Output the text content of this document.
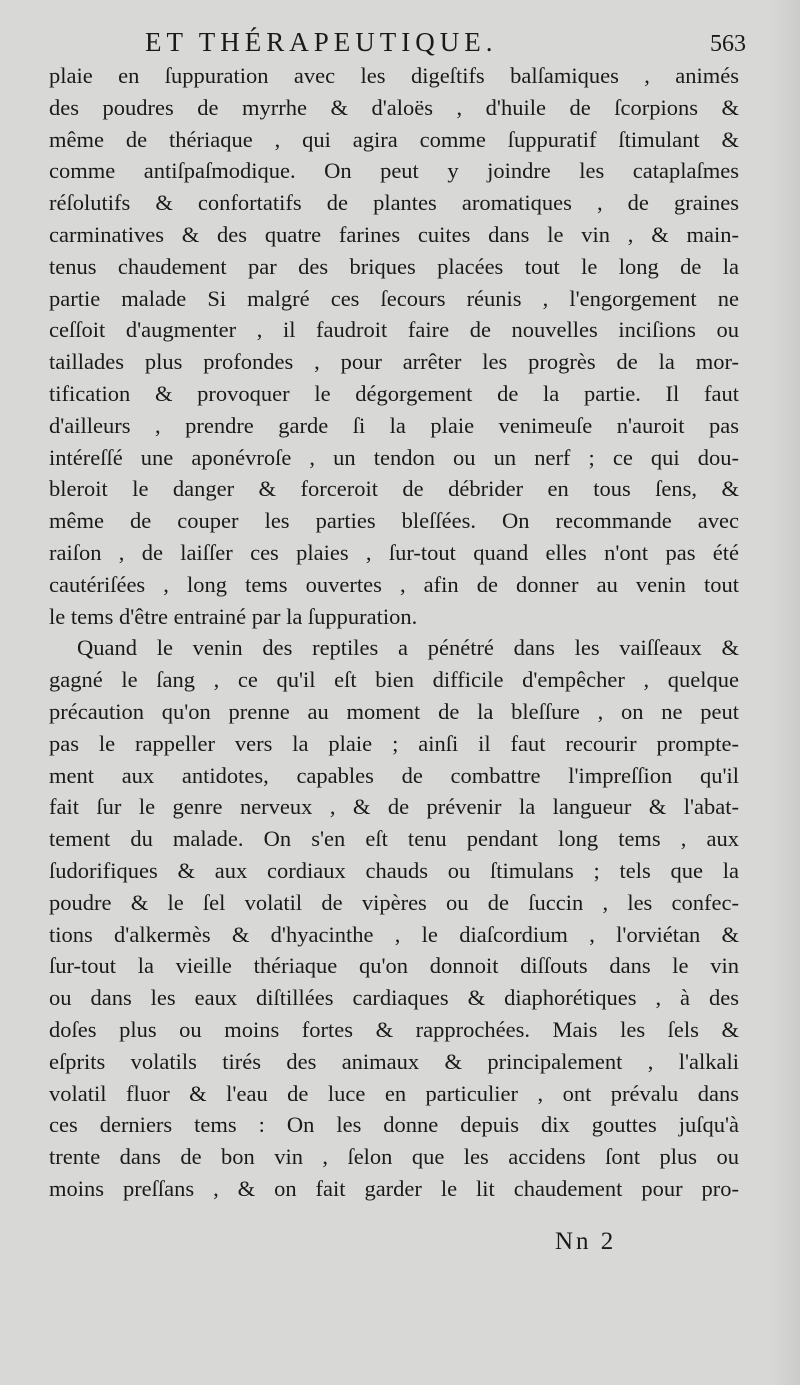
ET THÉRAPEUTIQUE.	563
plaie en ſuppuration avec les digeſtifs balſamiques , animés
des poudres de myrrhe & d'aloës , d'huile de ſcorpions &
même de thériaque , qui agira comme ſuppuratif ſtimulant &
comme antiſpaſmodique. On peut y joindre les cataplaſmes
réſolutifs & confortatifs de plantes aromatiques , de graines
carminatives & des quatre farines cuites dans le vin , & main-
tenus chaudement par des briques placées tout le long de la
partie malade Si malgré ces ſecours réunis , l'engorgement ne
ceſſoit d'augmenter , il faudroit faire de nouvelles inciſions ou
taillades plus profondes , pour arrêter les progrès de la mor-
tification & provoquer le dégorgement de la partie. Il faut
d'ailleurs , prendre garde ſi la plaie venimeuſe n'auroit pas
intéreſſé une aponévroſe , un tendon ou un nerf ; ce qui dou-
bleroit le danger & forceroit de débrider en tous ſens, &
même de couper les parties bleſſées. On recommande avec
raiſon , de laiſſer ces plaies , ſur-tout quand elles n'ont pas été
cautériſées , long tems ouvertes , afin de donner au venin tout
le tems d'être entrainé par la ſuppuration.
Quand le venin des reptiles a pénétré dans les vaiſſeaux &
gagné le ſang , ce qu'il eſt bien difficile d'empêcher , quelque
précaution qu'on prenne au moment de la bleſſure , on ne peut
pas le rappeller vers la plaie ; ainſi il faut recourir prompte-
ment aux antidotes, capables de combattre l'impreſſion qu'il
fait ſur le genre nerveux , & de prévenir la langueur & l'abat-
tement du malade. On s'en eſt tenu pendant long tems , aux
ſudorifiques & aux cordiaux chauds ou ſtimulans ; tels que la
poudre & le ſel volatil de vipères ou de ſuccin , les confec-
tions d'alkermès & d'hyacinthe , le diaſcordium , l'orviétan &
ſur-tout la vieille thériaque qu'on donnoit diſſouts dans le vin
ou dans les eaux diſtillées cardiaques & diaphorétiques , à des
doſes plus ou moins fortes & rapprochées. Mais les ſels &
eſprits volatils tirés des animaux & principalement , l'alkali
volatil fluor & l'eau de luce en particulier , ont prévalu dans
ces derniers tems : On les donne depuis dix gouttes juſqu'à
trente dans de bon vin , ſelon que les accidens ſont plus ou
moins preſſans , & on fait garder le lit chaudement pour pro-
Nn 2
